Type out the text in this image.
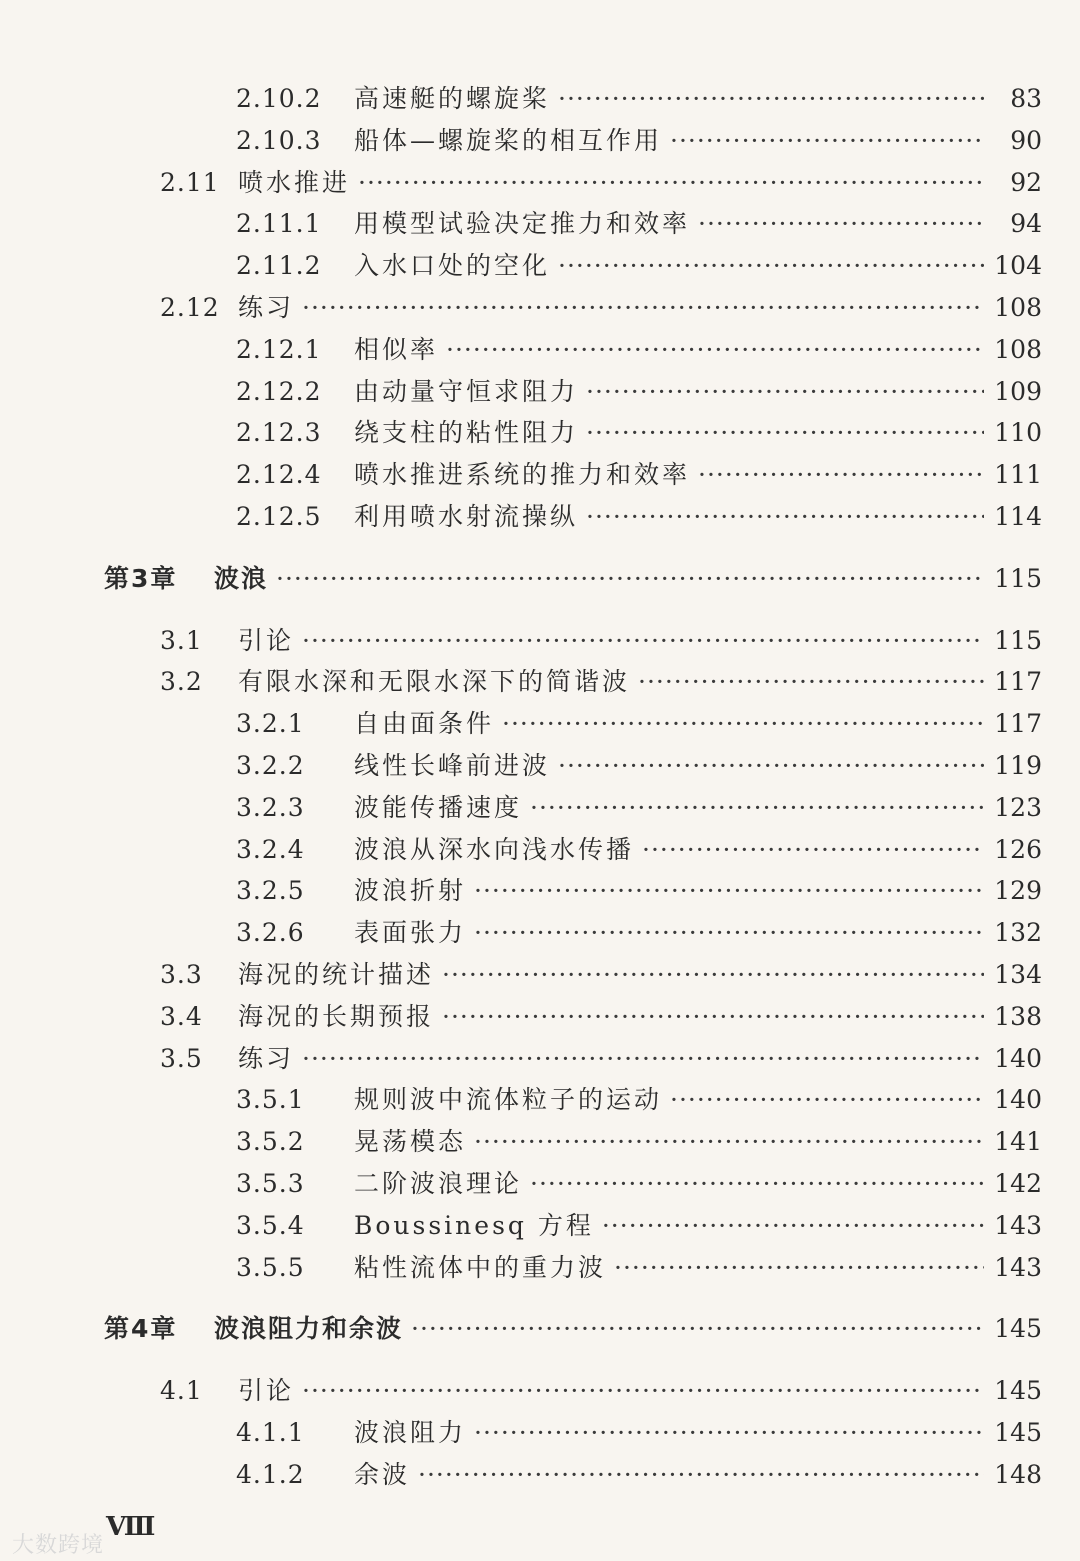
2.10.2	高速艇的螺旋桨 ·····	83
2.10.3	船体—螺旋桨的相互作用 ·····	90
2.11 喷水推进 ·····	92
2.11.1	用模型试验决定推力和效率 ·····	94
2.11.2	入水口处的空化 ·····	104
2.12 练习 ·····	108
2.12.1	相似率 ·····	108
2.12.2	由动量守恒求阻力 ·····	109
2.12.3	绕支柱的粘性阻力 ·····	110
2.12.4	喷水推进系统的推力和效率 ·····	111
2.12.5	利用喷水射流操纵 ·····	114
第3章	波浪 ·····	115
3.1	引论 ·····	115
3.2	有限水深和无限水深下的简谐波 ·····	117
3.2.1	自由面条件 ·····	117
3.2.2	线性长峰前进波 ·····	119
3.2.3	波能传播速度 ·····	123
3.2.4	波浪从深水向浅水传播 ·····	126
3.2.5	波浪折射 ·····	129
3.2.6	表面张力 ·····	132
3.3	海况的统计描述 ·····	134
3.4	海况的长期预报 ·····	138
3.5	练习 ·····	140
3.5.1	规则波中流体粒子的运动 ·····	140
3.5.2	晃荡模态 ·····	141
3.5.3	二阶波浪理论 ·····	142
3.5.4	Boussinesq 方程 ·····	143
3.5.5	粘性流体中的重力波 ·····	143
第4章	波浪阻力和余波 ·····	145
4.1	引论 ·····	145
4.1.1	波浪阻力 ·····	145
4.1.2	余波 ·····	148
Ⅷ
大数跨境
